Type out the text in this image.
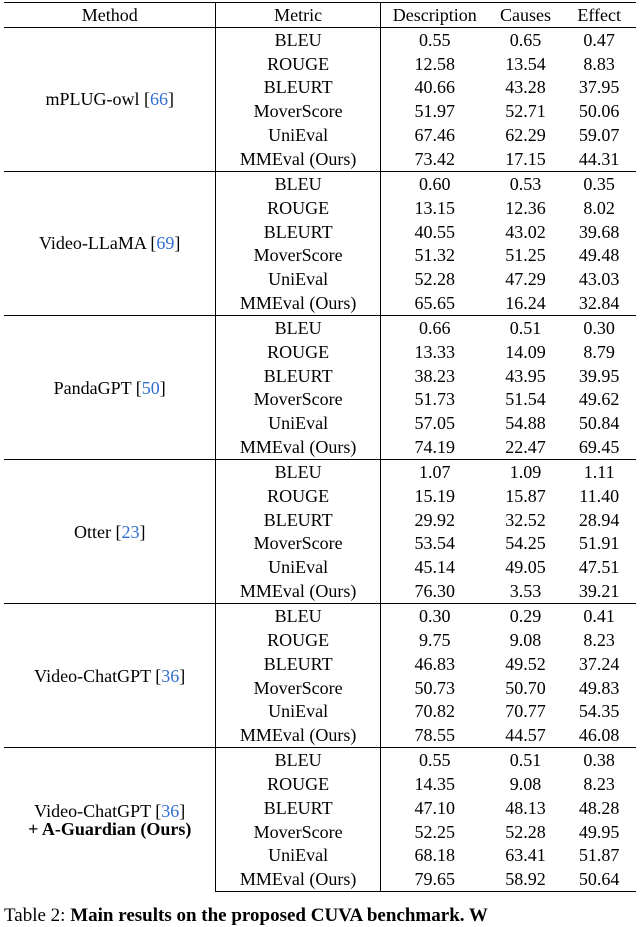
Method	Metric	Description	Causes	Effect

mPLUG-owl [66]	BLEU	0.55	0.65	0.47
	ROUGE	12.58	13.54	8.83
	BLEURT	40.66	43.28	37.95
	MoverScore	51.97	52.71	50.06
	UniEval	67.46	62.29	59.07
	MMEval (Ours)	73.42	17.15	44.31

Video-LLaMA [69]	BLEU	0.60	0.53	0.35
	ROUGE	13.15	12.36	8.02
	BLEURT	40.55	43.02	39.68
	MoverScore	51.32	51.25	49.48
	UniEval	52.28	47.29	43.03
	MMEval (Ours)	65.65	16.24	32.84

PandaGPT [50]	BLEU	0.66	0.51	0.30
	ROUGE	13.33	14.09	8.79
	BLEURT	38.23	43.95	39.95
	MoverScore	51.73	51.54	49.62
	UniEval	57.05	54.88	50.84
	MMEval (Ours)	74.19	22.47	69.45

Otter [23]	BLEU	1.07	1.09	1.11
	ROUGE	15.19	15.87	11.40
	BLEURT	29.92	32.52	28.94
	MoverScore	53.54	54.25	51.91
	UniEval	45.14	49.05	47.51
	MMEval (Ours)	76.30	3.53	39.21

Video-ChatGPT [36]	BLEU	0.30	0.29	0.41
	ROUGE	9.75	9.08	8.23
	BLEURT	46.83	49.52	37.24
	MoverScore	50.73	50.70	49.83
	UniEval	70.82	70.77	54.35
	MMEval (Ours)	78.55	44.57	46.08

Video-ChatGPT [36]
+ A-Guardian (Ours)	BLEU	0.55	0.51	0.38
	ROUGE	14.35	9.08	8.23
	BLEURT	47.10	48.13	48.28
	MoverScore	52.25	52.28	49.95
	UniEval	68.18	63.41	51.87
	MMEval (Ours)	79.65	58.92	50.64
Table 2: Main results on the proposed CUVA benchmark. W
